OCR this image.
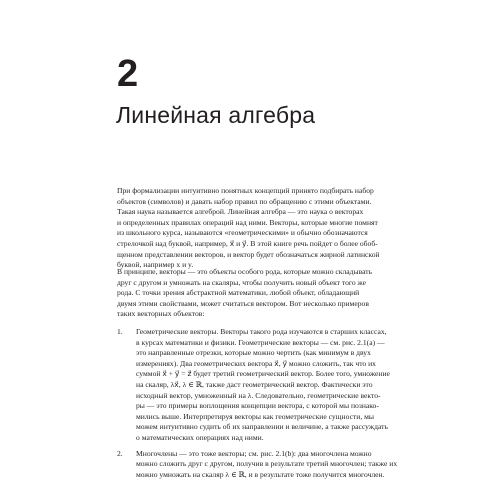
2
Линейная алгебра
При формализации интуитивно понятных концепций принято подбирать набор
объектов (символов) и давать набор правил по обращению с этими объектами.
Такая наука называется алгеброй. Линейная алгебра — это наука о векторах
и определенных правилах операций над ними. Векторы, которые многие помнят
из школьного курса, называются «геометрическими» и обычно обозначаются
стрелочкой над буквой, например, x⃗ и y⃗. В этой книге речь пойдет о более обоб-
щенном представлении векторов, и вектор будет обозначаться жирной латинской
буквой, например x и y.
В принципе, векторы — это объекты особого рода, которые можно складывать
друг с другом и умножать на скаляры, чтобы получить новый объект того же
рода. С точки зрения абстрактной математики, любой объект, обладающий
двумя этими свойствами, может считаться вектором. Вот несколько примеров
таких векторных объектов:
1. Геометрические векторы. Векторы такого рода изучаются в старших классах,
в курсах математики и физики. Геометрические векторы — см. рис. 2.1(a) —
это направленные отрезки, которые можно чертить (как минимум в двух
измерениях). Два геометрических вектора x⃗, y⃗ можно сложить, так что их
суммой x⃗ + y⃗ = z⃗ будет третий геометрический вектор. Более того, умножение
на скаляр, λx⃗, λ ∈ ℝ, также даст геометрический вектор. Фактически это
исходный вектор, умноженный на λ. Следовательно, геометрические векто-
ры — это примеры воплощения концепции вектора, с которой мы познако-
мились выше. Интерпретируя векторы как геометрические сущности, мы
можем интуитивно судить об их направлении и величине, а также рассуждать
о математических операциях над ними.
2. Многочлены — это тоже векторы; см. рис. 2.1(b): два многочлена можно
можно сложить друг с другом, получив в результате третий многочлен; также их
можно умножать на скаляр λ ∈ ℝ, и в результате тоже получится многочлен.
